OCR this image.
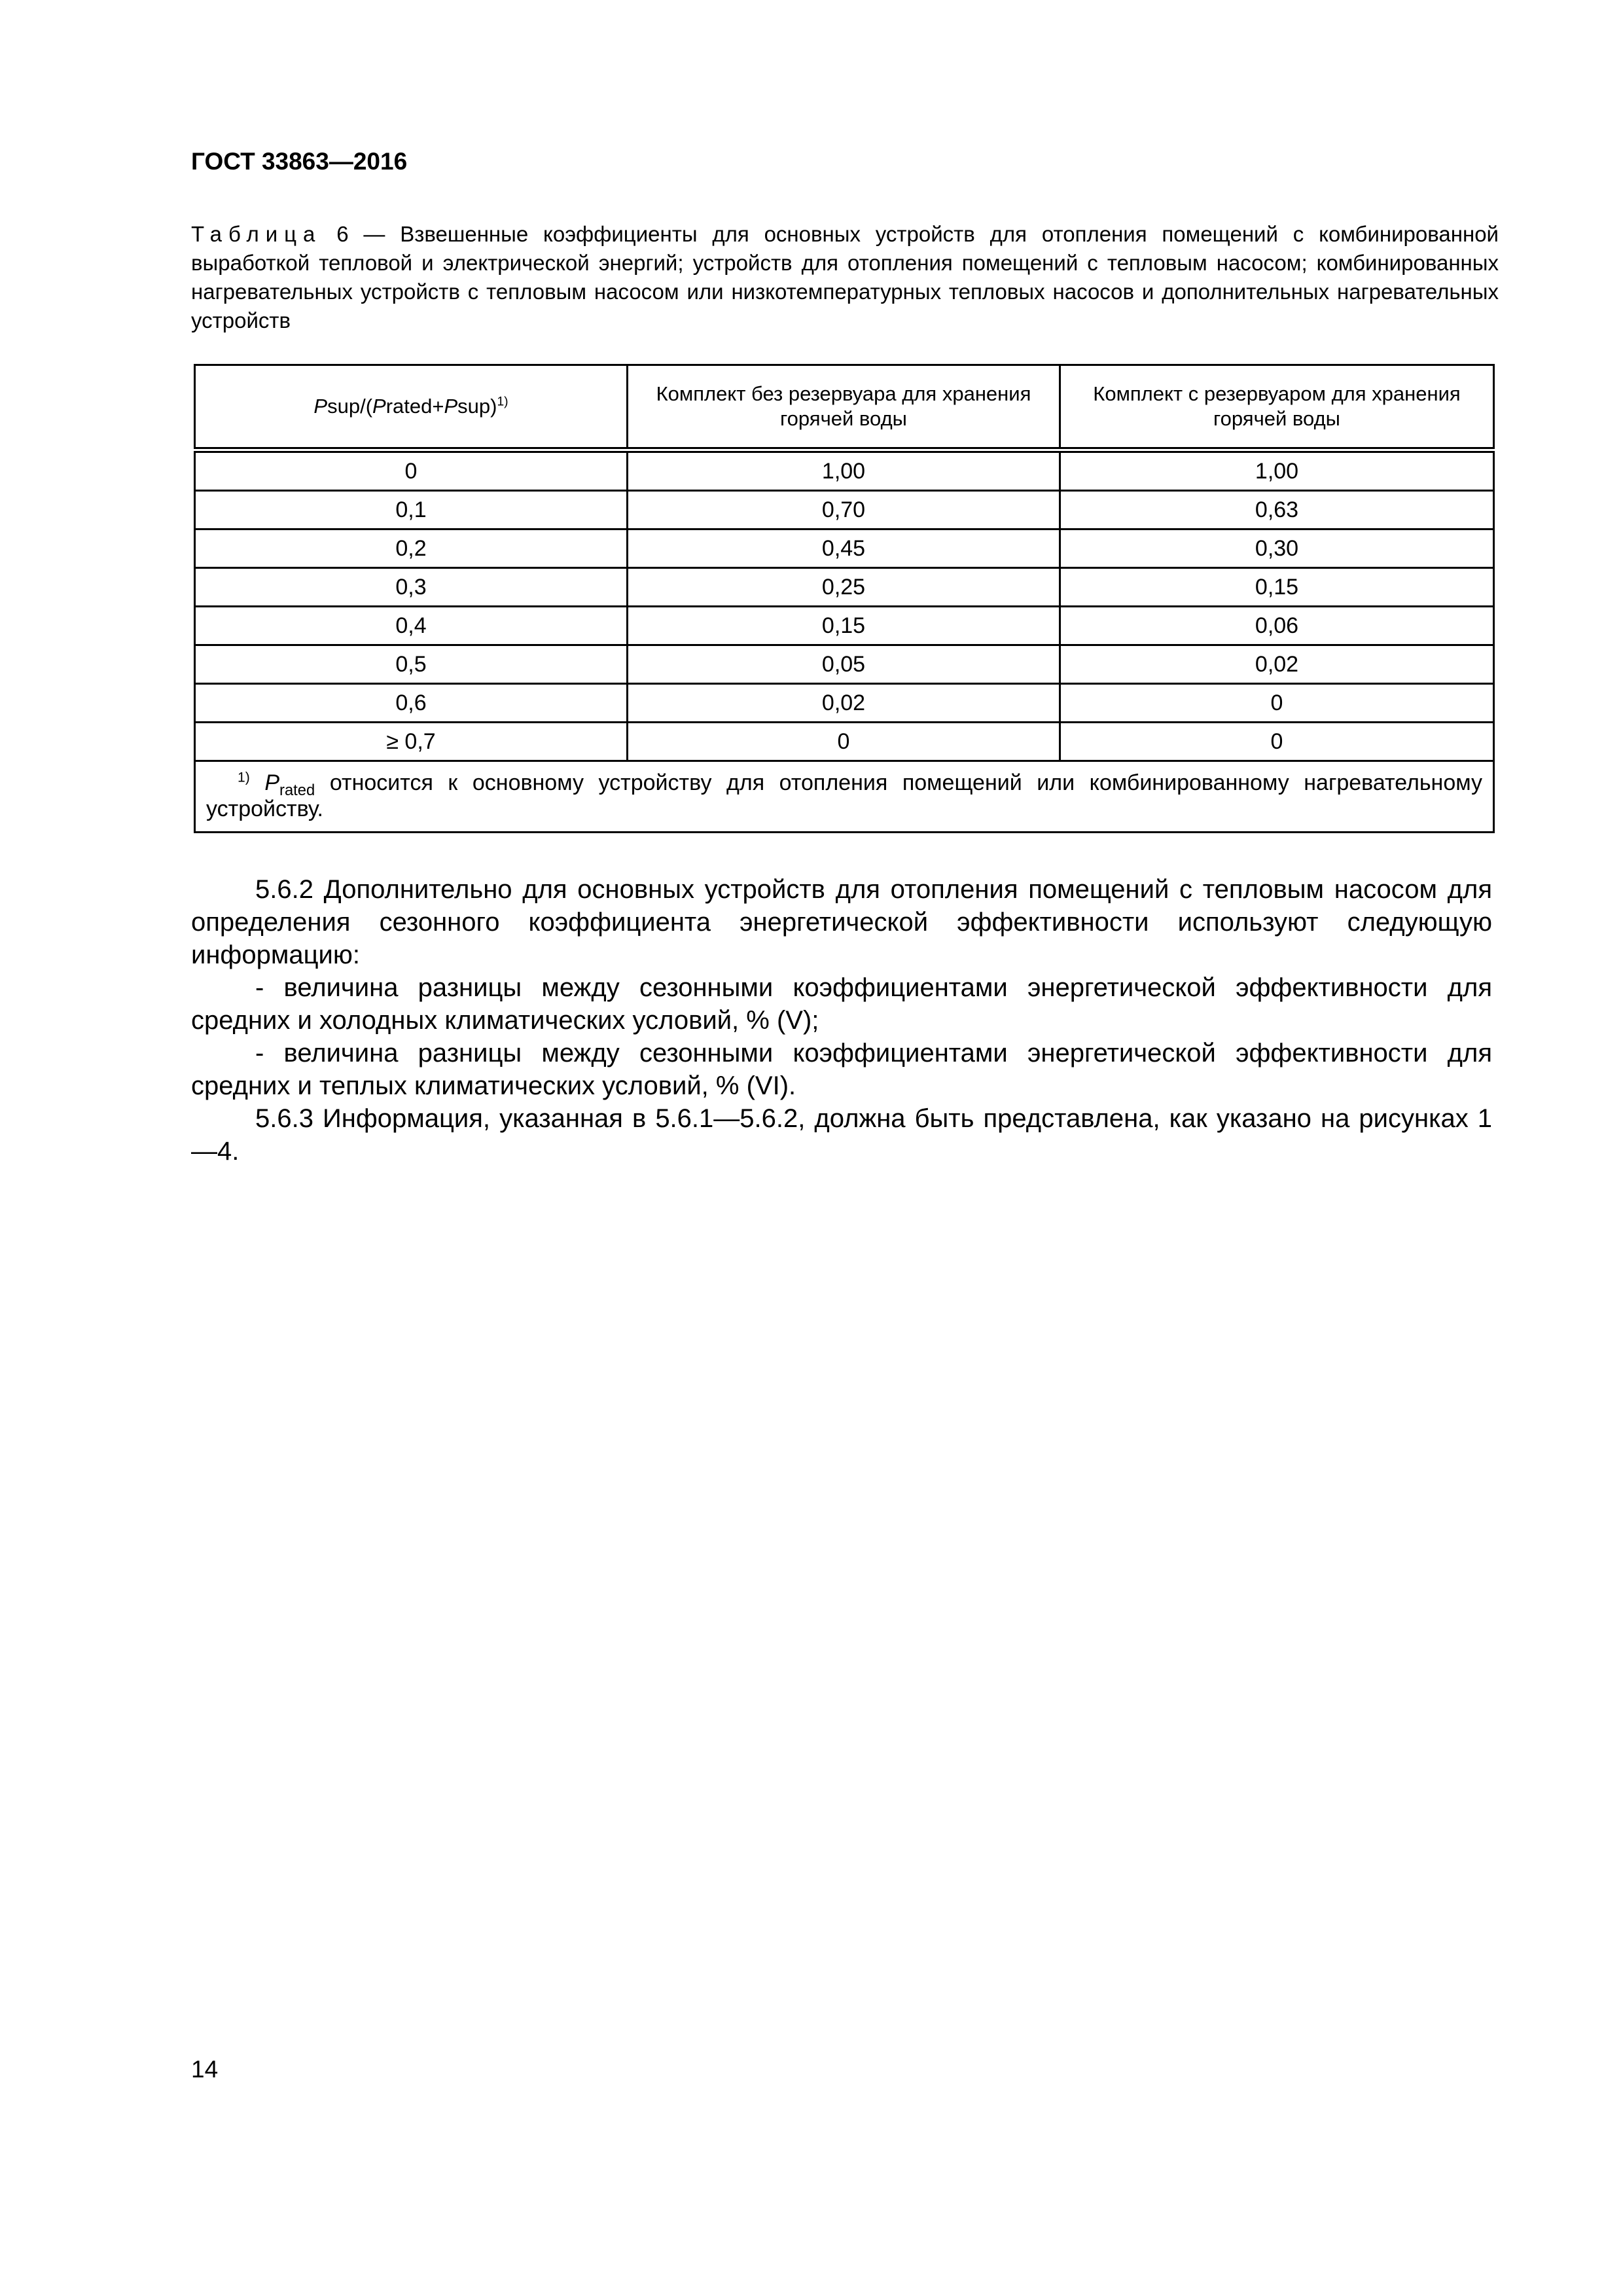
ГОСТ 33863—2016
Таблица 6 — Взвешенные коэффициенты для основных устройств для отопления помещений с комбинированной выработкой тепловой и электрической энергий; устройств для отопления помещений с тепловым насосом; комбинированных нагревательных устройств с тепловым насосом или низкотемпературных тепловых насосов и дополнительных нагревательных устройств
Psup/(Prated+Psup)$^{1)}$	Комплект без резервуара для хранения горячей воды	Комплект с резервуаром для хранения горячей воды
0	1,00	1,00
0,1	0,70	0,63
0,2	0,45	0,30
0,3	0,25	0,15
0,4	0,15	0,06
0,5	0,05	0,02
0,6	0,02	0
≥ 0,7	0	0
$^{1)}$ $P_{rated}$ относится к основному устройству для отопления помещений или комбинированному нагревательному устройству.		

5.6.2 Дополнительно для основных устройств для отопления помещений с тепловым насосом для определения сезонного коэффициента энергетической эффективности используют следующую информацию:

- величина разницы между сезонными коэффициентами энергетической эффективности для средних и холодных климатических условий, % (V);

- величина разницы между сезонными коэффициентами энергетической эффективности для средних и теплых климатических условий, % (VI).

5.6.3 Информация, указанная в 5.6.1—5.6.2, должна быть представлена, как указано на рисунках 1—4.

14
